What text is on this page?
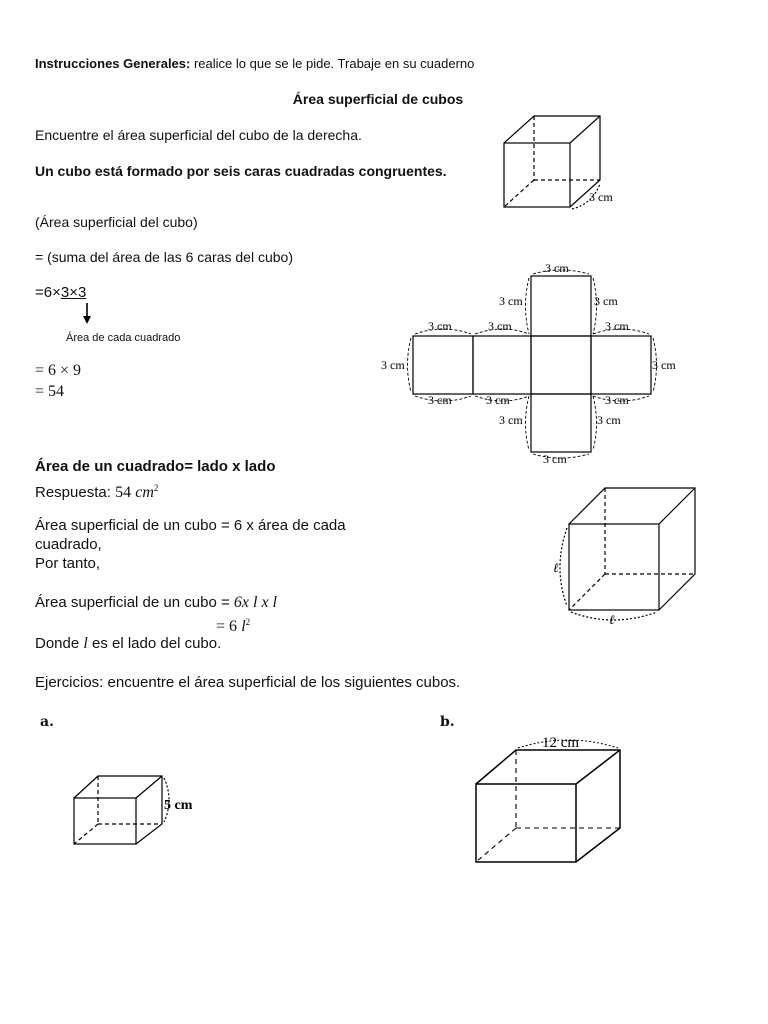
Instrucciones Generales: realice lo que se le pide. Trabaje en su cuaderno
Área superficial de cubos
Encuentre el área superficial del cubo de la derecha.
Un cubo está formado por seis caras cuadradas congruentes.
(Área superficial del cubo)
= (suma del área de las 6 caras del cubo)
=6×3×3
Área de cada cuadrado
= 6 × 9
= 54
3 cm
3 cm
3 cm	3 cm
3 cm	3 cm	3 cm
3 cm	3 cm
3 cm	3 cm	3 cm
3 cm	3 cm
3 cm
Área de un cuadrado= lado x lado
Respuesta: 54 $cm^2$
Área superficial de un cubo = 6 x área de cada
cuadrado,
Por tanto,
Área superficial de un cubo = 6x l x l
= 6 $l^2$
Donde l es el lado del cubo.
ℓ
ℓ
Ejercicios: encuentre el área superficial de los siguientes cubos.
a.
5 cm
b.
12 cm
